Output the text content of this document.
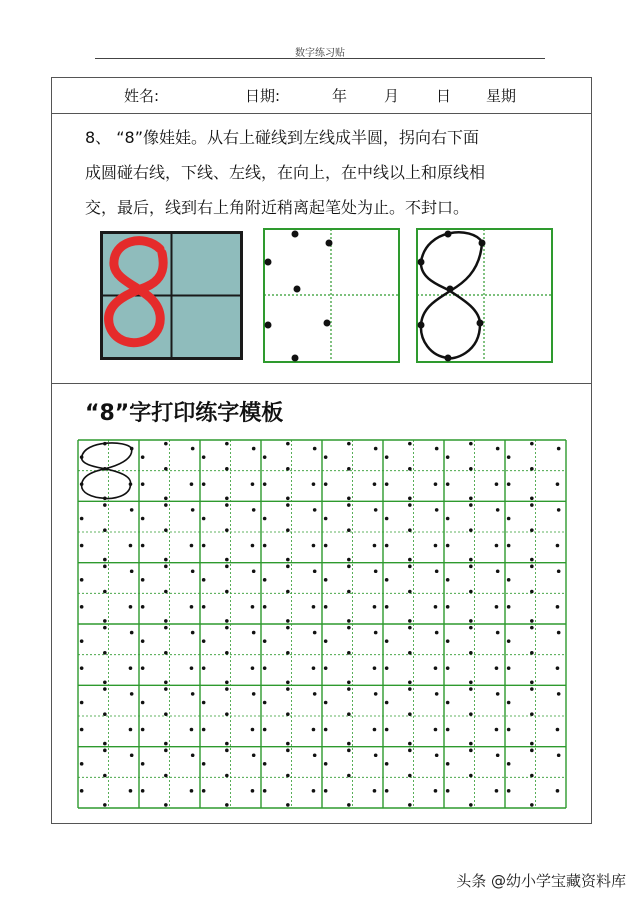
数字练习贴
姓名:	日期:	年 月 日 星期

8、 “8”像娃娃。从右上碰线到左线成半圆，拐向右下面
成圆碰右线，下线、左线，在向上，在中线以上和原线相
交，最后，线到右上角附近稍离起笔处为止。不封口。

“8”字打印练字模板
头条 @幼小学宝藏资料库
